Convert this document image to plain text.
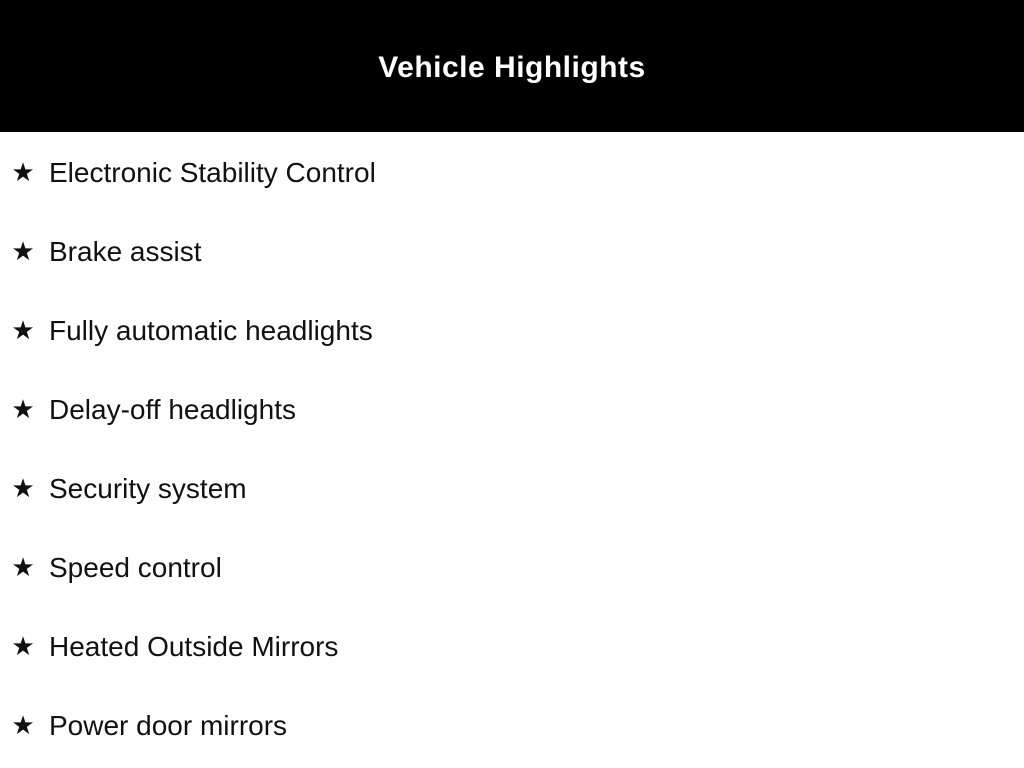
Vehicle Highlights
★ Electronic Stability Control
★ Brake assist
★ Fully automatic headlights
★ Delay-off headlights
★ Security system
★ Speed control
★ Heated Outside Mirrors
★ Power door mirrors
